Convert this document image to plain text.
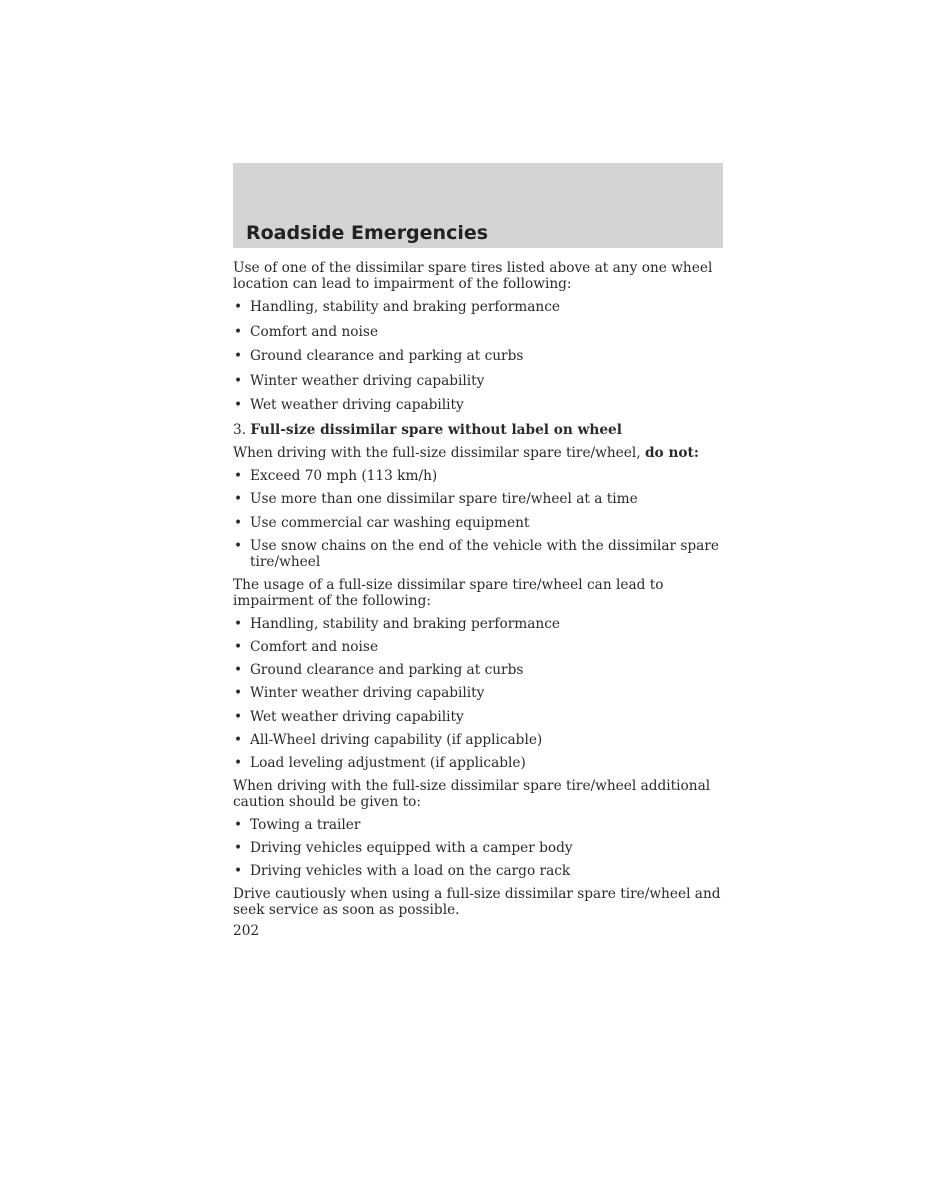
Roadside Emergencies

Use of one of the dissimilar spare tires listed above at any one wheel location can lead to impairment of the following:

• Handling, stability and braking performance
• Comfort and noise
• Ground clearance and parking at curbs
• Winter weather driving capability
• Wet weather driving capability

3. Full-size dissimilar spare without label on wheel

When driving with the full-size dissimilar spare tire/wheel, do not:

• Exceed 70 mph (113 km/h)
• Use more than one dissimilar spare tire/wheel at a time
• Use commercial car washing equipment
• Use snow chains on the end of the vehicle with the dissimilar spare tire/wheel

The usage of a full-size dissimilar spare tire/wheel can lead to impairment of the following:

• Handling, stability and braking performance
• Comfort and noise
• Ground clearance and parking at curbs
• Winter weather driving capability
• Wet weather driving capability
• All-Wheel driving capability (if applicable)
• Load leveling adjustment (if applicable)

When driving with the full-size dissimilar spare tire/wheel additional caution should be given to:

• Towing a trailer
• Driving vehicles equipped with a camper body
• Driving vehicles with a load on the cargo rack

Drive cautiously when using a full-size dissimilar spare tire/wheel and seek service as soon as possible.

202
